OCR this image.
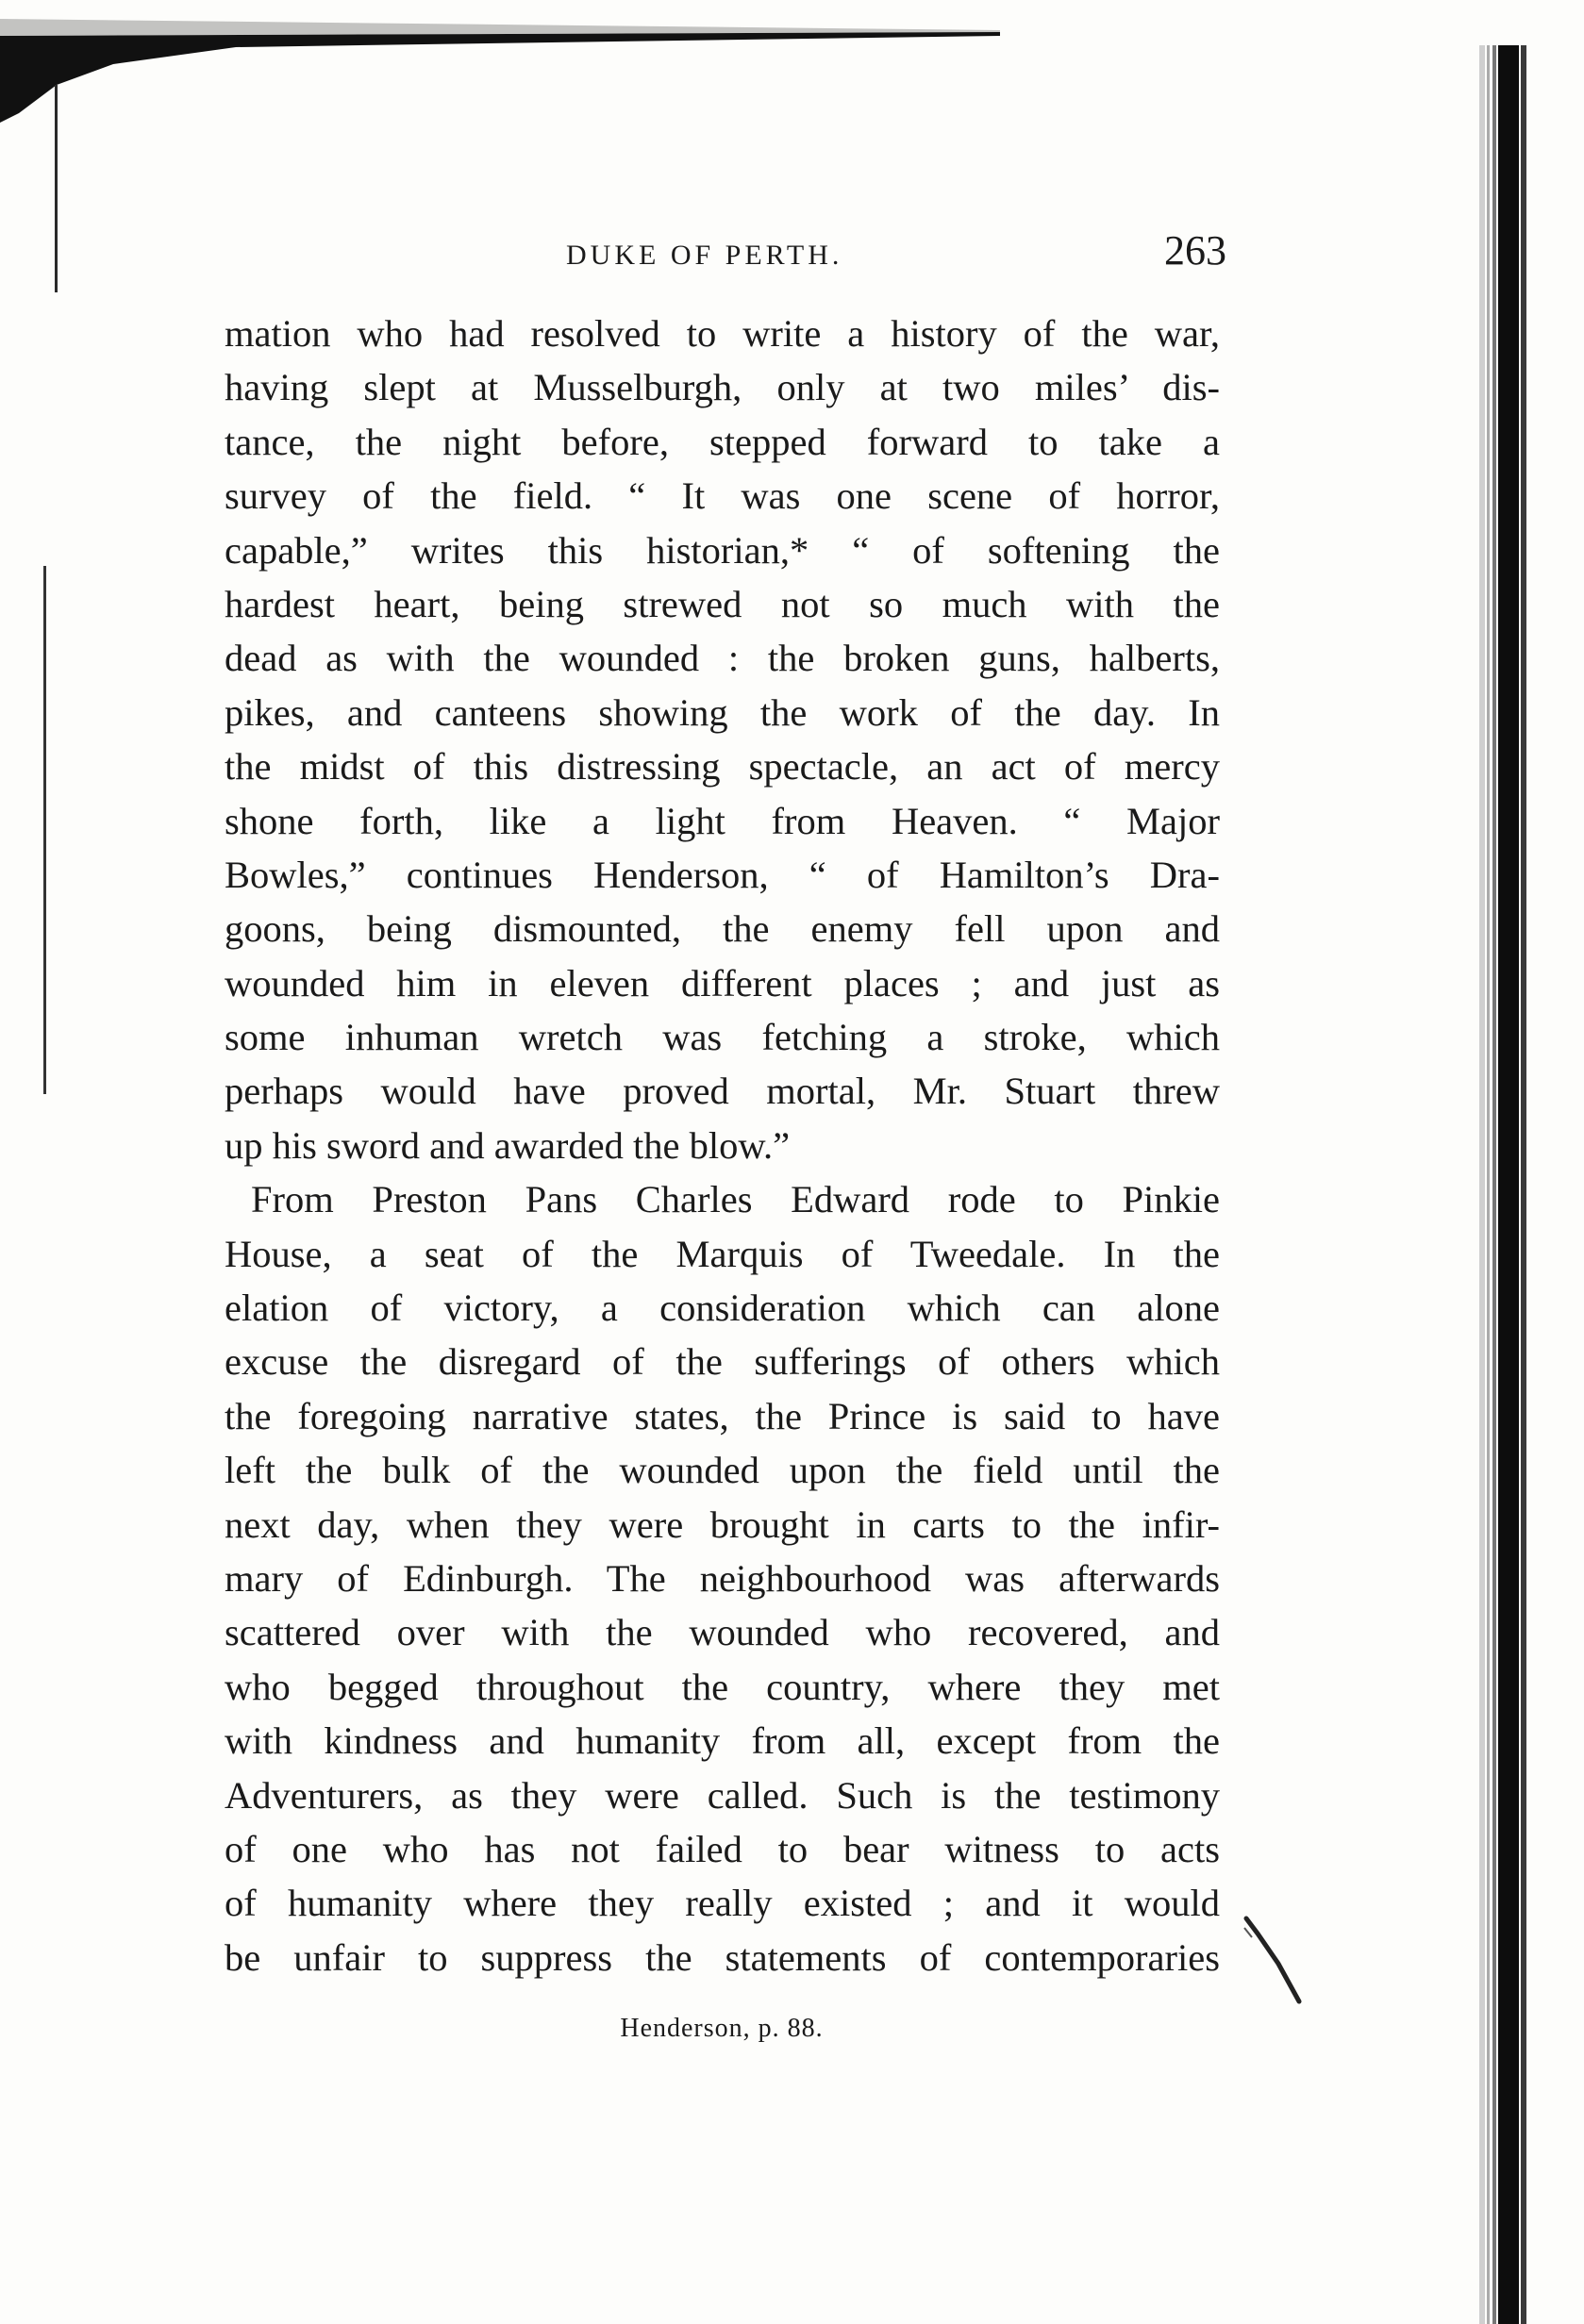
DUKE OF PERTH.	263
mation who had resolved to write a history of the war,
having slept at Musselburgh, only at two miles’ dis-
tance, the night before, stepped forward to take a
survey of the field. “ It was one scene of horror,
capable,” writes this historian,* “ of softening the
hardest heart, being strewed not so much with the
dead as with the wounded : the broken guns, halberts,
pikes, and canteens showing the work of the day. In
the midst of this distressing spectacle, an act of mercy
shone forth, like a light from Heaven. “ Major
Bowles,” continues Henderson, “ of Hamilton’s Dra-
goons, being dismounted, the enemy fell upon and
wounded him in eleven different places ; and just as
some inhuman wretch was fetching a stroke, which
perhaps would have proved mortal, Mr. Stuart threw
up his sword and awarded the blow.”
From Preston Pans Charles Edward rode to Pinkie
House, a seat of the Marquis of Tweedale. In the
elation of victory, a consideration which can alone
excuse the disregard of the sufferings of others which
the foregoing narrative states, the Prince is said to have
left the bulk of the wounded upon the field until the
next day, when they were brought in carts to the infir-
mary of Edinburgh. The neighbourhood was afterwards
scattered over with the wounded who recovered, and
who begged throughout the country, where they met
with kindness and humanity from all, except from the
Adventurers, as they were called. Such is the testimony
of one who has not failed to bear witness to acts
of humanity where they really existed ; and it would
be unfair to suppress the statements of contemporaries
Henderson, p. 88.
